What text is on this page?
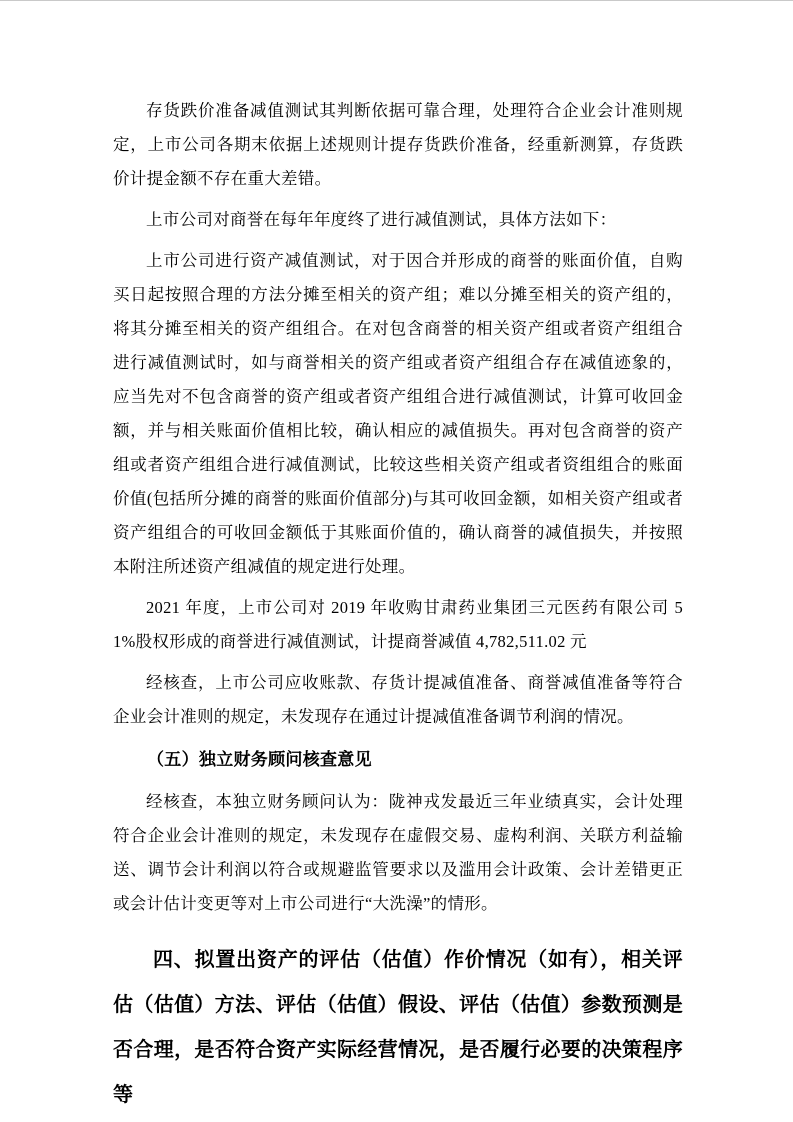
存货跌价准备减值测试其判断依据可靠合理，处理符合企业会计准则规定，上市公司各期末依据上述规则计提存货跌价准备，经重新测算，存货跌价计提金额不存在重大差错。

上市公司对商誉在每年年度终了进行减值测试，具体方法如下：

上市公司进行资产减值测试，对于因合并形成的商誉的账面价值，自购买日起按照合理的方法分摊至相关的资产组；难以分摊至相关的资产组的，将其分摊至相关的资产组组合。在对包含商誉的相关资产组或者资产组组合进行减值测试时，如与商誉相关的资产组或者资产组组合存在减值迹象的，应当先对不包含商誉的资产组或者资产组组合进行减值测试，计算可收回金额，并与相关账面价值相比较，确认相应的减值损失。再对包含商誉的资产组或者资产组组合进行减值测试，比较这些相关资产组或者资组组合的账面价值(包括所分摊的商誉的账面价值部分)与其可收回金额，如相关资产组或者资产组组合的可收回金额低于其账面价值的，确认商誉的减值损失，并按照本附注所述资产组减值的规定进行处理。

2021 年度，上市公司对 2019 年收购甘肃药业集团三元医药有限公司 51%股权形成的商誉进行减值测试，计提商誉减值 4,782,511.02 元

经核查，上市公司应收账款、存货计提减值准备、商誉减值准备等符合企业会计准则的规定，未发现存在通过计提减值准备调节利润的情况。

（五）独立财务顾问核查意见

经核查，本独立财务顾问认为：陇神戎发最近三年业绩真实，会计处理符合企业会计准则的规定，未发现存在虚假交易、虚构利润、关联方利益输送、调节会计利润以符合或规避监管要求以及滥用会计政策、会计差错更正或会计估计变更等对上市公司进行“大洗澡”的情形。

四、拟置出资产的评估（估值）作价情况（如有），相关评估（估值）方法、评估（估值）假设、评估（估值）参数预测是否合理，是否符合资产实际经营情况，是否履行必要的决策程序等
